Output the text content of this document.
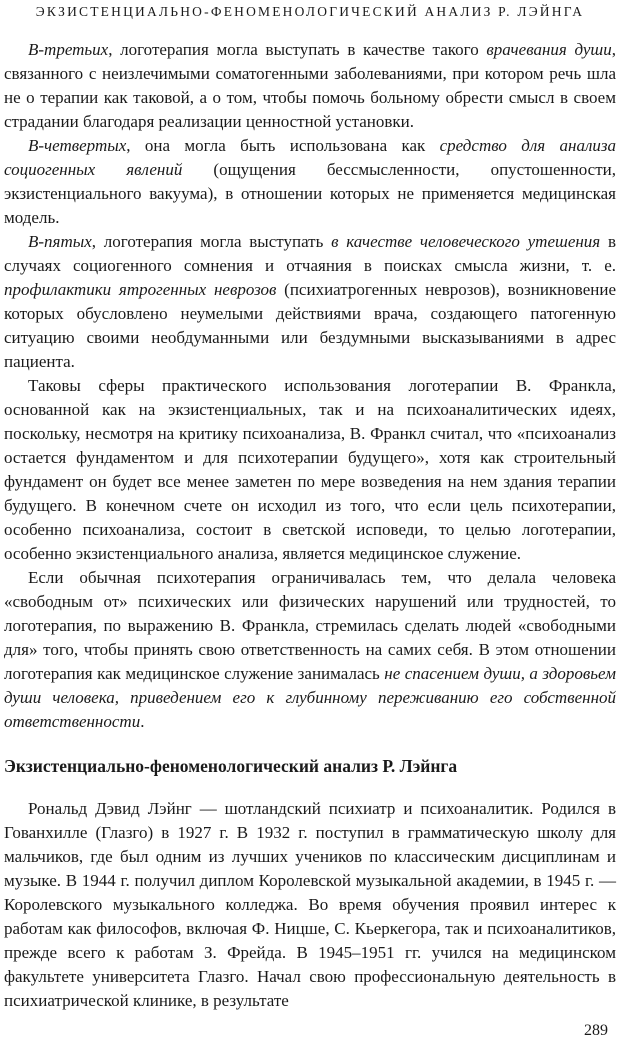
ЭКЗИСТЕНЦИАЛЬНО-ФЕНОМЕНОЛОГИЧЕСКИЙ АНАЛИЗ Р. ЛЭЙНГА

В-третьих, логотерапия могла выступать в качестве такого врачевания души, связанного с неизлечимыми соматогенными заболеваниями, при котором речь шла не о терапии как таковой, а о том, чтобы помочь больному обрести смысл в своем страдании благодаря реализации ценностной установки.

В-четвертых, она могла быть использована как средство для анализа социогенных явлений (ощущения бессмысленности, опустошенности, экзистенциального вакуума), в отношении которых не применяется медицинская модель.

В-пятых, логотерапия могла выступать в качестве человеческого утешения в случаях социогенного сомнения и отчаяния в поисках смысла жизни, т. е. профилактики ятрогенных неврозов (психиатрогенных неврозов), возникновение которых обусловлено неумелыми действиями врача, создающего патогенную ситуацию своими необдуманными или бездумными высказываниями в адрес пациента.

Таковы сферы практического использования логотерапии В. Франкла, основанной как на экзистенциальных, так и на психоаналитических идеях, поскольку, несмотря на критику психоанализа, В. Франкл считал, что «психоанализ остается фундаментом и для психотерапии будущего», хотя как строительный фундамент он будет все менее заметен по мере возведения на нем здания терапии будущего. В конечном счете он исходил из того, что если цель психотерапии, особенно психоанализа, состоит в светской исповеди, то целью логотерапии, особенно экзистенциального анализа, является медицинское служение.

Если обычная психотерапия ограничивалась тем, что делала человека «свободным от» психических или физических нарушений или трудностей, то логотерапия, по выражению В. Франкла, стремилась сделать людей «свободными для» того, чтобы принять свою ответственность на самих себя. В этом отношении логотерапия как медицинское служение занималась не спасением души, а здоровьем души человека, приведением его к глубинному переживанию его собственной ответственности.

Экзистенциально-феноменологический анализ Р. Лэйнга

Рональд Дэвид Лэйнг — шотландский психиатр и психоаналитик. Родился в Гованхилле (Глазго) в 1927 г. В 1932 г. поступил в грамматическую школу для мальчиков, где был одним из лучших учеников по классическим дисциплинам и музыке. В 1944 г. получил диплом Королевской музыкальной академии, в 1945 г. — Королевского музыкального колледжа. Во время обучения проявил интерес к работам как философов, включая Ф. Ницше, С. Кьеркегора, так и психоаналитиков, прежде всего к работам З. Фрейда. В 1945–1951 гг. учился на медицинском факультете университета Глазго. Начал свою профессиональную деятельность в психиатрической клинике, в результате

289
